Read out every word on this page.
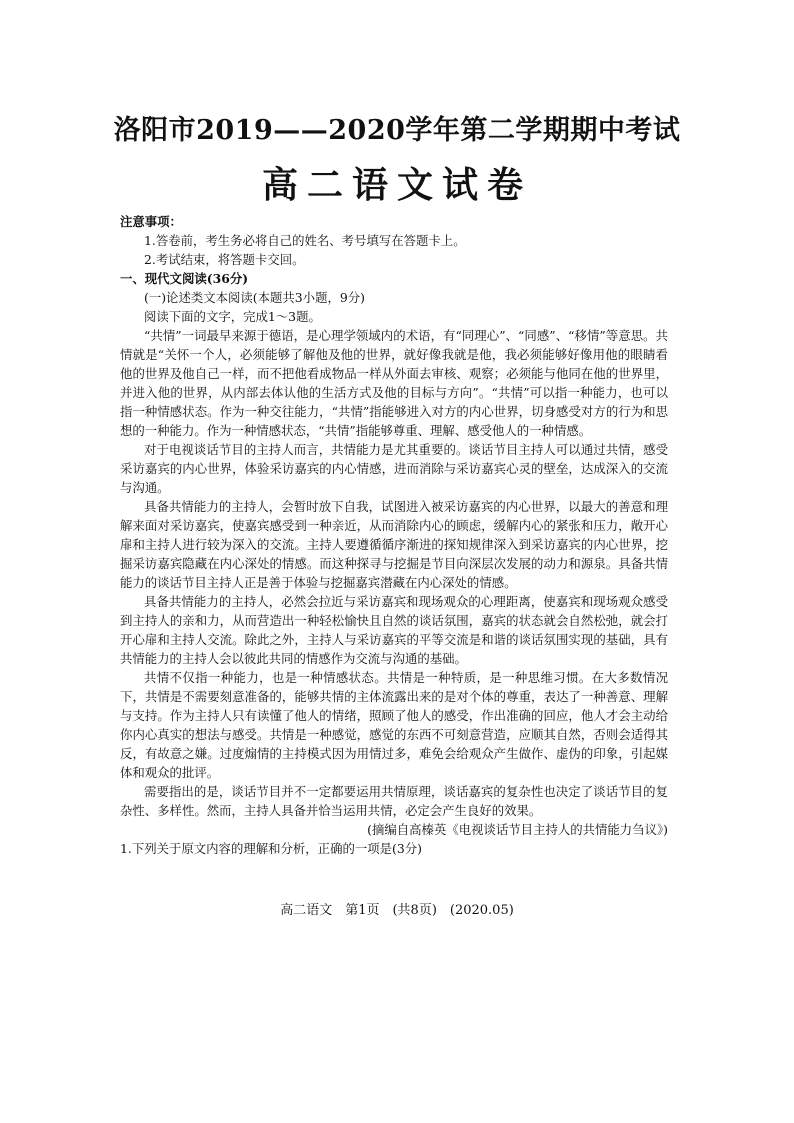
洛阳市2019——2020学年第二学期期中考试
高二语文试卷

注意事项：

1.答卷前，考生务必将自己的姓名、考号填写在答题卡上。

2.考试结束，将答题卡交回。

一、现代文阅读(36分)

(一)论述类文本阅读(本题共3小题，9分)

阅读下面的文字，完成1～3题。

“共情”一词最早来源于德语，是心理学领域内的术语，有“同理心”、“同感”、“移情”等意思。共情就是“关怀一个人，必须能够了解他及他的世界，就好像我就是他，我必须能够好像用他的眼睛看他的世界及他自己一样，而不把他看成物品一样从外面去审核、观察；必须能与他同在他的世界里，并进入他的世界，从内部去体认他的生活方式及他的目标与方向”。“共情”可以指一种能力，也可以指一种情感状态。作为一种交往能力，“共情”指能够进入对方的内心世界，切身感受对方的行为和思想的一种能力。作为一种情感状态，“共情”指能够尊重、理解、感受他人的一种情感。

对于电视谈话节目的主持人而言，共情能力是尤其重要的。谈话节目主持人可以通过共情，感受采访嘉宾的内心世界，体验采访嘉宾的内心情感，进而消除与采访嘉宾心灵的壁垒，达成深入的交流与沟通。

具备共情能力的主持人，会暂时放下自我，试图进入被采访嘉宾的内心世界，以最大的善意和理解来面对采访嘉宾，使嘉宾感受到一种亲近，从而消除内心的顾虑，缓解内心的紧张和压力，敞开心扉和主持人进行较为深入的交流。主持人要遵循循序渐进的探知规律深入到采访嘉宾的内心世界，挖掘采访嘉宾隐藏在内心深处的情感。而这种探寻与挖掘是节目向深层次发展的动力和源泉。具备共情能力的谈话节目主持人正是善于体验与挖掘嘉宾潜藏在内心深处的情感。

具备共情能力的主持人，必然会拉近与采访嘉宾和现场观众的心理距离，使嘉宾和现场观众感受到主持人的亲和力，从而营造出一种轻松愉快且自然的谈话氛围，嘉宾的状态就会自然松弛，就会打开心扉和主持人交流。除此之外，主持人与采访嘉宾的平等交流是和谐的谈话氛围实现的基础，具有共情能力的主持人会以彼此共同的情感作为交流与沟通的基础。

共情不仅指一种能力，也是一种情感状态。共情是一种特质，是一种思维习惯。在大多数情况下，共情是不需要刻意准备的，能够共情的主体流露出来的是对个体的尊重，表达了一种善意、理解与支持。作为主持人只有读懂了他人的情绪，照顾了他人的感受，作出准确的回应，他人才会主动给你内心真实的想法与感受。共情是一种感觉，感觉的东西不可刻意营造，应顺其自然，否则会适得其反，有故意之嫌。过度煽情的主持模式因为用情过多，难免会给观众产生做作、虚伪的印象，引起媒体和观众的批评。

需要指出的是，谈话节目并不一定都要运用共情原理，谈话嘉宾的复杂性也决定了谈话节目的复杂性、多样性。然而，主持人具备并恰当运用共情，必定会产生良好的效果。

(摘编自高榛英《电视谈话节目主持人的共情能力刍议》)

1.下列关于原文内容的理解和分析，正确的一项是(3分)

高二语文　第1页　(共8页)　(2020.05)
